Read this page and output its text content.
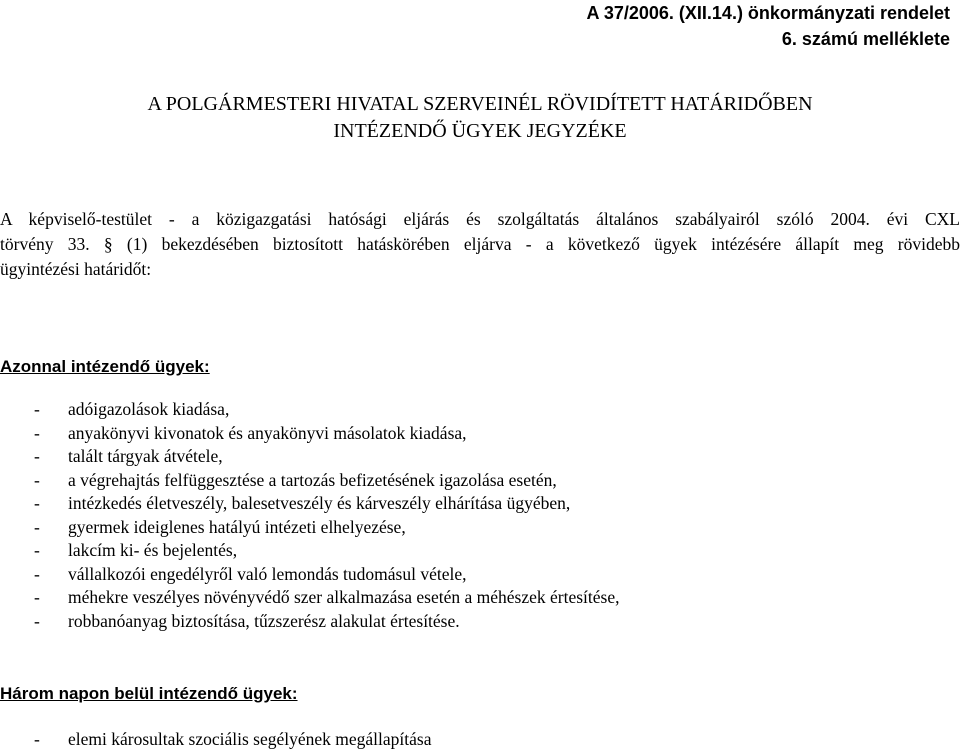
A 37/2006. (XII.14.) önkormányzati rendelet
6. számú melléklete
A POLGÁRMESTERI HIVATAL SZERVEINÉL RÖVIDÍTETT HATÁRIDŐBEN
INTÉZENDŐ ÜGYEK JEGYZÉKE
A képviselő-testület - a közigazgatási hatósági eljárás és szolgáltatás általános szabályairól szóló 2004. évi CXL
törvény 33. § (1) bekezdésében biztosított hatáskörében eljárva - a következő ügyek intézésére állapít meg rövidebb
ügyintézési határidőt:
Azonnal intézendő ügyek:
- adóigazolások kiadása,
- anyakönyvi kivonatok és anyakönyvi másolatok kiadása,
- talált tárgyak átvétele,
- a végrehajtás felfüggesztése a tartozás befizetésének igazolása esetén,
- intézkedés életveszély, balesetveszély és kárveszély elhárítása ügyében,
- gyermek ideiglenes hatályú intézeti elhelyezése,
- lakcím ki- és bejelentés,
- vállalkozói engedélyről való lemondás tudomásul vétele,
- méhekre veszélyes növényvédő szer alkalmazása esetén a méhészek értesítése,
- robbanóanyag biztosítása, tűzszerész alakulat értesítése.
Három napon belül intézendő ügyek:
- elemi károsultak szociális segélyének megállapítása
